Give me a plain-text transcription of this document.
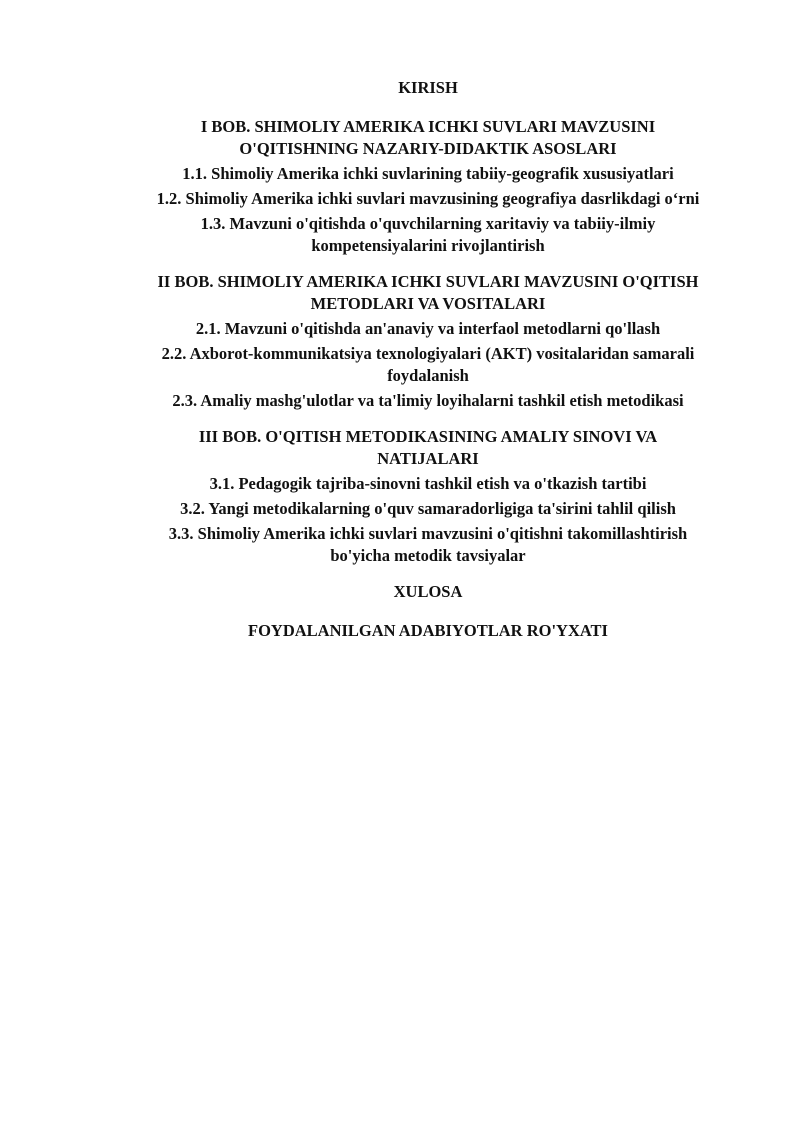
KIRISH

I BOB. SHIMOLIY AMERIKA ICHKI SUVLARI MAVZUSINI

O'QITISHNING NAZARIY-DIDAKTIK ASOSLARI

1.1. Shimoliy Amerika ichki suvlarining tabiiy-geografik xususiyatlari

1.2. Shimoliy Amerika ichki suvlari mavzusining geografiya dasrlikdagi o‘rni

1.3. Mavzuni o'qitishda o'quvchilarning xaritaviy va tabiiy-ilmiy

kompetensiyalarini rivojlantirish

II BOB. SHIMOLIY AMERIKA ICHKI SUVLARI MAVZUSINI O'QITISH

METODLARI VA VOSITALARI

2.1. Mavzuni o'qitishda an'anaviy va interfaol metodlarni qo'llash

2.2. Axborot-kommunikatsiya texnologiyalari (AKT) vositalaridan samarali

foydalanish

2.3. Amaliy mashg'ulotlar va ta'limiy loyihalarni tashkil etish metodikasi

III BOB. O'QITISH METODIKASINING AMALIY SINOVI VA

NATIJALARI

3.1. Pedagogik tajriba-sinovni tashkil etish va o'tkazish tartibi

3.2. Yangi metodikalarning o'quv samaradorligiga ta'sirini tahlil qilish

3.3. Shimoliy Amerika ichki suvlari mavzusini o'qitishni takomillashtirish

bo'yicha metodik tavsiyalar

XULOSA

FOYDALANILGAN ADABIYOTLAR RO'YXATI
